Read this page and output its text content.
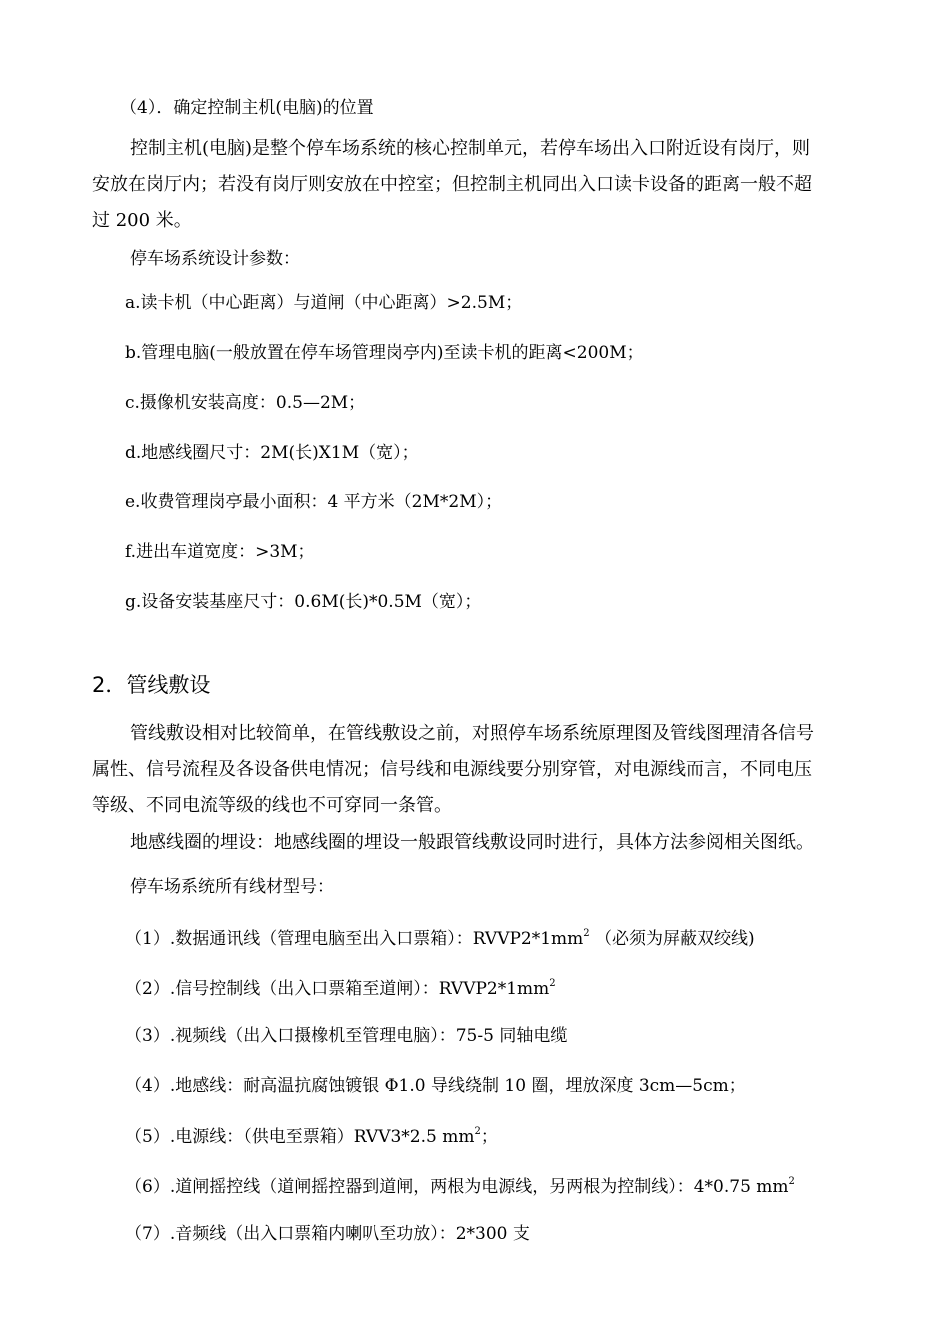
（4）．确定控制主机(电脑)的位置
控制主机(电脑)是整个停车场系统的核心控制单元，若停车场出入口附近设有岗厅，则
安放在岗厅内；若没有岗厅则安放在中控室；但控制主机同出入口读卡设备的距离一般不超
过 200 米。
停车场系统设计参数：
a.读卡机（中心距离）与道闸（中心距离）>2.5M；
b.管理电脑(一般放置在停车场管理岗亭内)至读卡机的距离<200M；
c.摄像机安装高度：0.5—2M；
d.地感线圈尺寸：2M(长)X1M（宽）；
e.收费管理岗亭最小面积：4 平方米（2M*2M）；
f.进出车道宽度：>3M；
g.设备安装基座尺寸：0.6M(长)*0.5M（宽）；
2．管线敷设
管线敷设相对比较简单，在管线敷设之前，对照停车场系统原理图及管线图理清各信号
属性、信号流程及各设备供电情况；信号线和电源线要分别穿管，对电源线而言，不同电压
等级、不同电流等级的线也不可穿同一条管。
地感线圈的埋设：地感线圈的埋设一般跟管线敷设同时进行，具体方法参阅相关图纸。
停车场系统所有线材型号：
（1）.数据通讯线（管理电脑至出入口票箱）：$RVVP2*1mm^2$ （必须为屏蔽双绞线)
（2）.信号控制线（出入口票箱至道闸）：$RVVP2*1mm^2$
（3）.视频线（出入口摄橡机至管理电脑）：75-5 同轴电缆
（4）.地感线：耐高温抗腐蚀镀银 Φ1.0 导线绕制 10 圈，埋放深度 3cm—5cm；
（5）.电源线：（供电至票箱）RVV3*2.5 $mm^2$；
（6）.道闸摇控线（道闸摇控器到道闸，两根为电源线，另两根为控制线）：4*0.75 $mm^2$
（7）.音频线（出入口票箱内喇叭至功放）：2*300 支
